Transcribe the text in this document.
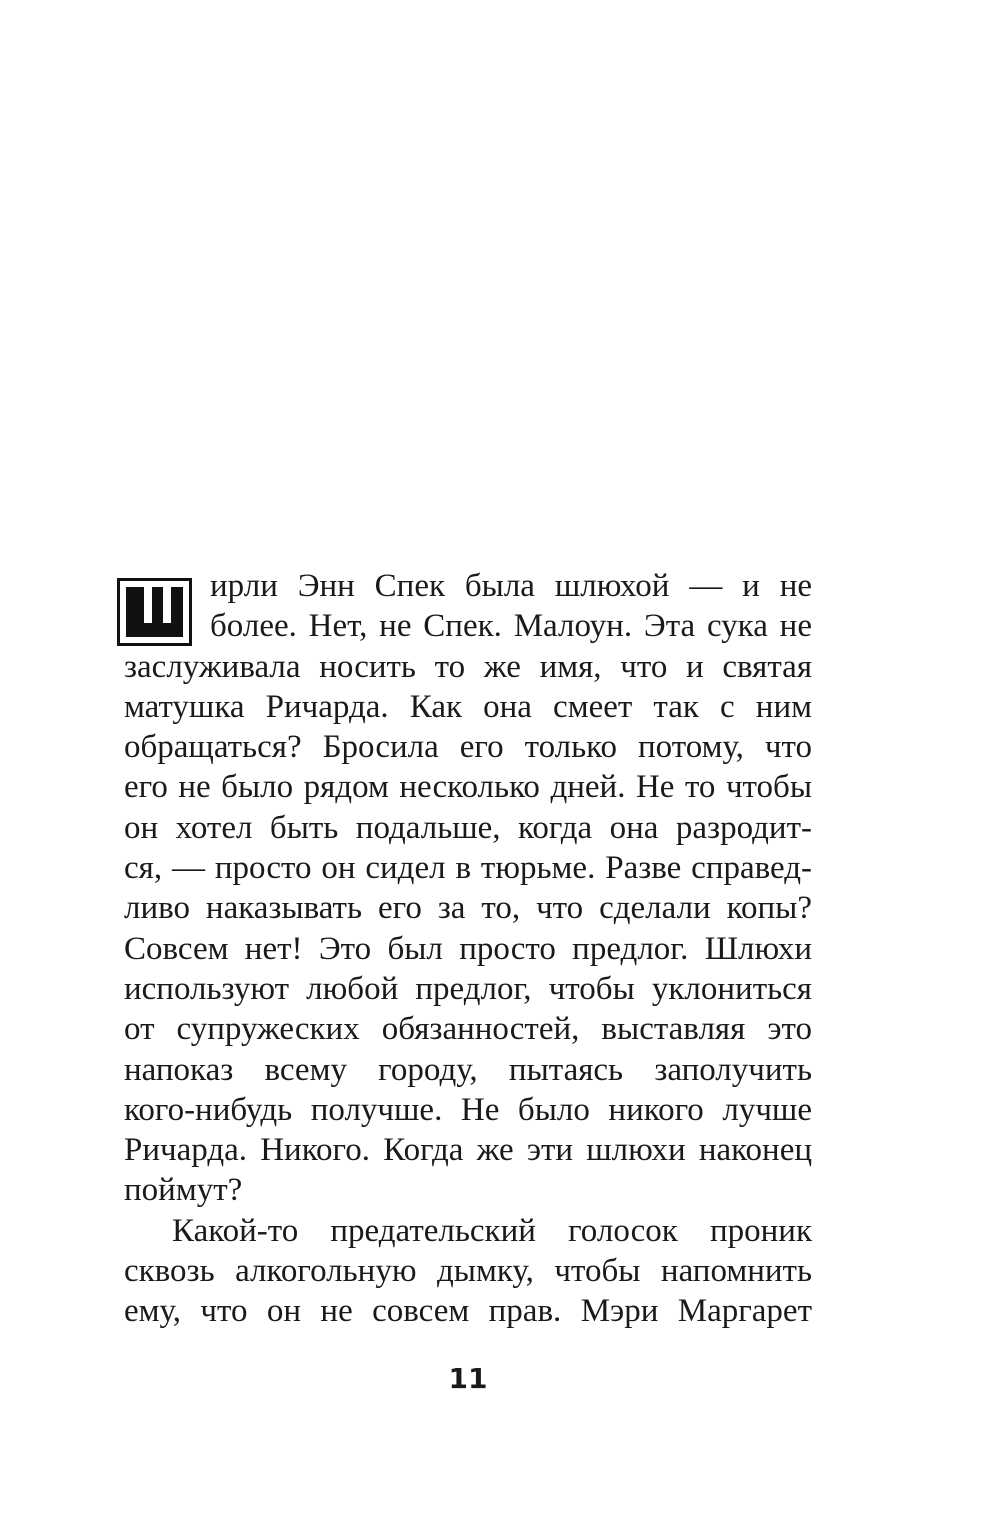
ирли Энн Спек была шлюхой — и не
более. Нет, не Спек. Малоун. Эта сука не
заслуживала носить то же имя, что и святая
матушка Ричарда. Как она смеет так с ним
обращаться? Бросила его только потому, что
его не было рядом несколько дней. Не то чтобы
он хотел быть подальше, когда она разродит-
ся, — просто он сидел в тюрьме. Разве справед-
ливо наказывать его за то, что сделали копы?
Совсем нет! Это был просто предлог. Шлюхи
используют любой предлог, чтобы уклониться
от супружеских обязанностей, выставляя это
напоказ всему городу, пытаясь заполучить
кого-нибудь получше. Не было никого лучше
Ричарда. Никого. Когда же эти шлюхи наконец
поймут?
Какой-то предательский голосок проник
сквозь алкогольную дымку, чтобы напомнить
ему, что он не совсем прав. Мэри Маргарет
11
